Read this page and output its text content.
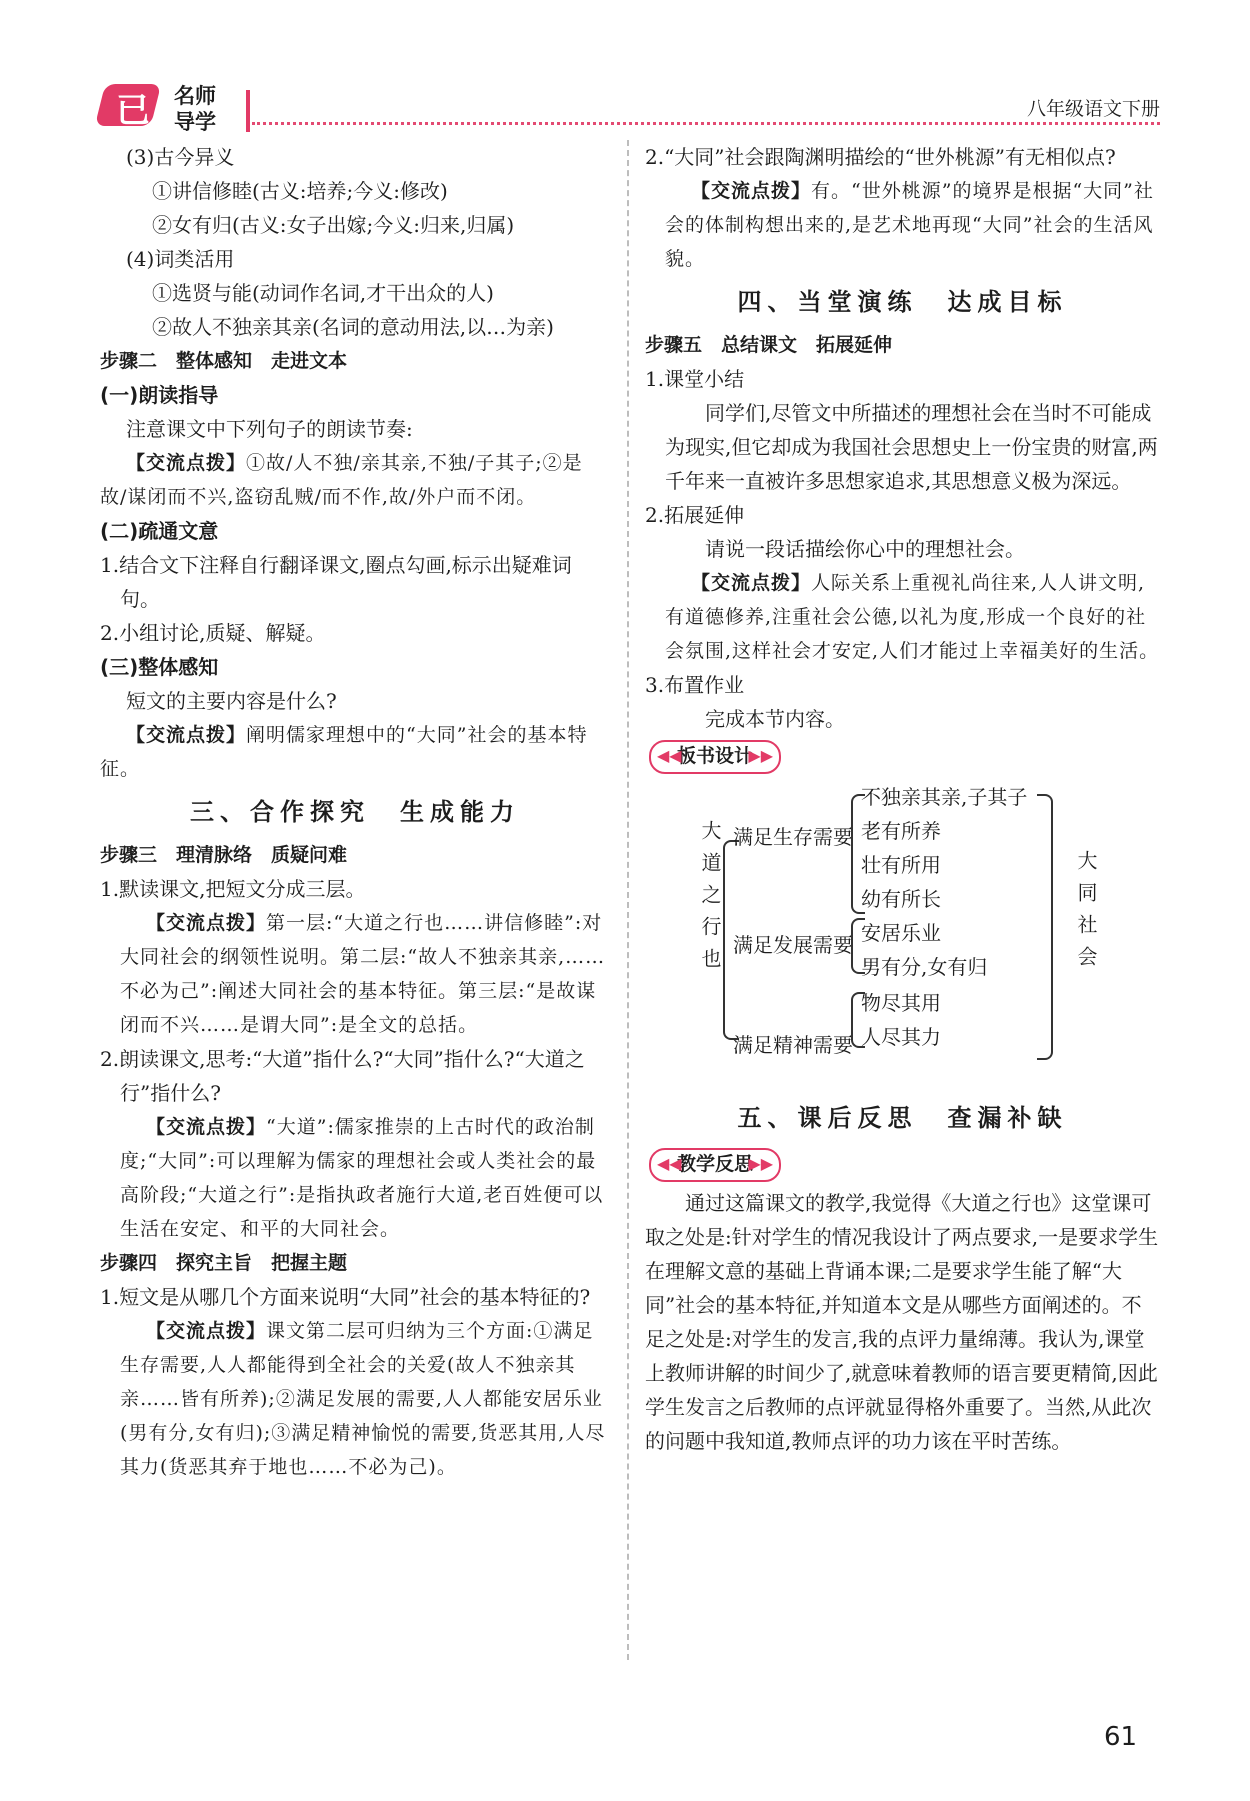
已 名师
导学
八年级语文下册
(3)古今异义
①讲信修睦(古义:培养;今义:修改)
②女有归(古义:女子出嫁;今义:归来,归属)
(4)词类活用
①选贤与能(动词作名词,才干出众的人)
②故人不独亲其亲(名词的意动用法,以…为亲)
步骤二　整体感知　走进文本
(一)朗读指导
注意课文中下列句子的朗读节奏:
【交流点拨】①故/人不独/亲其亲,不独/子其子;②是故/谋闭而不兴,盗窃乱贼/而不作,故/外户而不闭。
(二)疏通文意
1.结合文下注释自行翻译课文,圈点勾画,标示出疑难词句。
2.小组讨论,质疑、解疑。
(三)整体感知
短文的主要内容是什么?
【交流点拨】阐明儒家理想中的“大同”社会的基本特征。
三、合作探究　生成能力
步骤三　理清脉络　质疑问难
1.默读课文,把短文分成三层。
【交流点拨】第一层:“大道之行也……讲信修睦”:对大同社会的纲领性说明。第二层:“故人不独亲其亲,……不必为己”:阐述大同社会的基本特征。第三层:“是故谋闭而不兴……是谓大同”:是全文的总括。
2.朗读课文,思考:“大道”指什么?“大同”指什么?“大道之行”指什么?
【交流点拨】“大道”:儒家推崇的上古时代的政治制度;“大同”:可以理解为儒家的理想社会或人类社会的最高阶段;“大道之行”:是指执政者施行大道,老百姓便可以生活在安定、和平的大同社会。
步骤四　探究主旨　把握主题
1.短文是从哪几个方面来说明“大同”社会的基本特征的?
【交流点拨】课文第二层可归纳为三个方面:①满足生存需要,人人都能得到全社会的关爱(故人不独亲其亲……皆有所养);②满足发展的需要,人人都能安居乐业(男有分,女有归);③满足精神愉悦的需要,货恶其用,人尽其力(货恶其弃于地也……不必为己)。
2.“大同”社会跟陶渊明描绘的“世外桃源”有无相似点?
【交流点拨】有。“世外桃源”的境界是根据“大同”社会的体制构想出来的,是艺术地再现“大同”社会的生活风貌。
四、当堂演练　达成目标
步骤五　总结课文　拓展延伸
1.课堂小结
同学们,尽管文中所描述的理想社会在当时不可能成为现实,但它却成为我国社会思想史上一份宝贵的财富,两千年来一直被许多思想家追求,其思想意义极为深远。
2.拓展延伸
请说一段话描绘你心中的理想社会。
【交流点拨】人际关系上重视礼尚往来,人人讲文明,有道德修养,注重社会公德,以礼为度,形成一个良好的社会氛围,这样社会才安定,人们才能过上幸福美好的生活。
3.布置作业
完成本节内容。
◀◀
板书设计
▶▶
大道之行也 满足生存需要
满足发展需要
满足精神需要
不独亲其亲,子其子
老有所养
壮有所用
幼有所长
安居乐业
男有分,女有归
物尽其用
人尽其力
大同社会
五、课后反思　查漏补缺
◀◀
教学反思
▶▶
通过这篇课文的教学,我觉得《大道之行也》这堂课可取之处是:针对学生的情况我设计了两点要求,一是要求学生在理解文意的基础上背诵本课;二是要求学生能了解“大同”社会的基本特征,并知道本文是从哪些方面阐述的。不足之处是:对学生的发言,我的点评力量绵薄。我认为,课堂上教师讲解的时间少了,就意味着教师的语言要更精简,因此学生发言之后教师的点评就显得格外重要了。当然,从此次的问题中我知道,教师点评的功力该在平时苦练。
61
